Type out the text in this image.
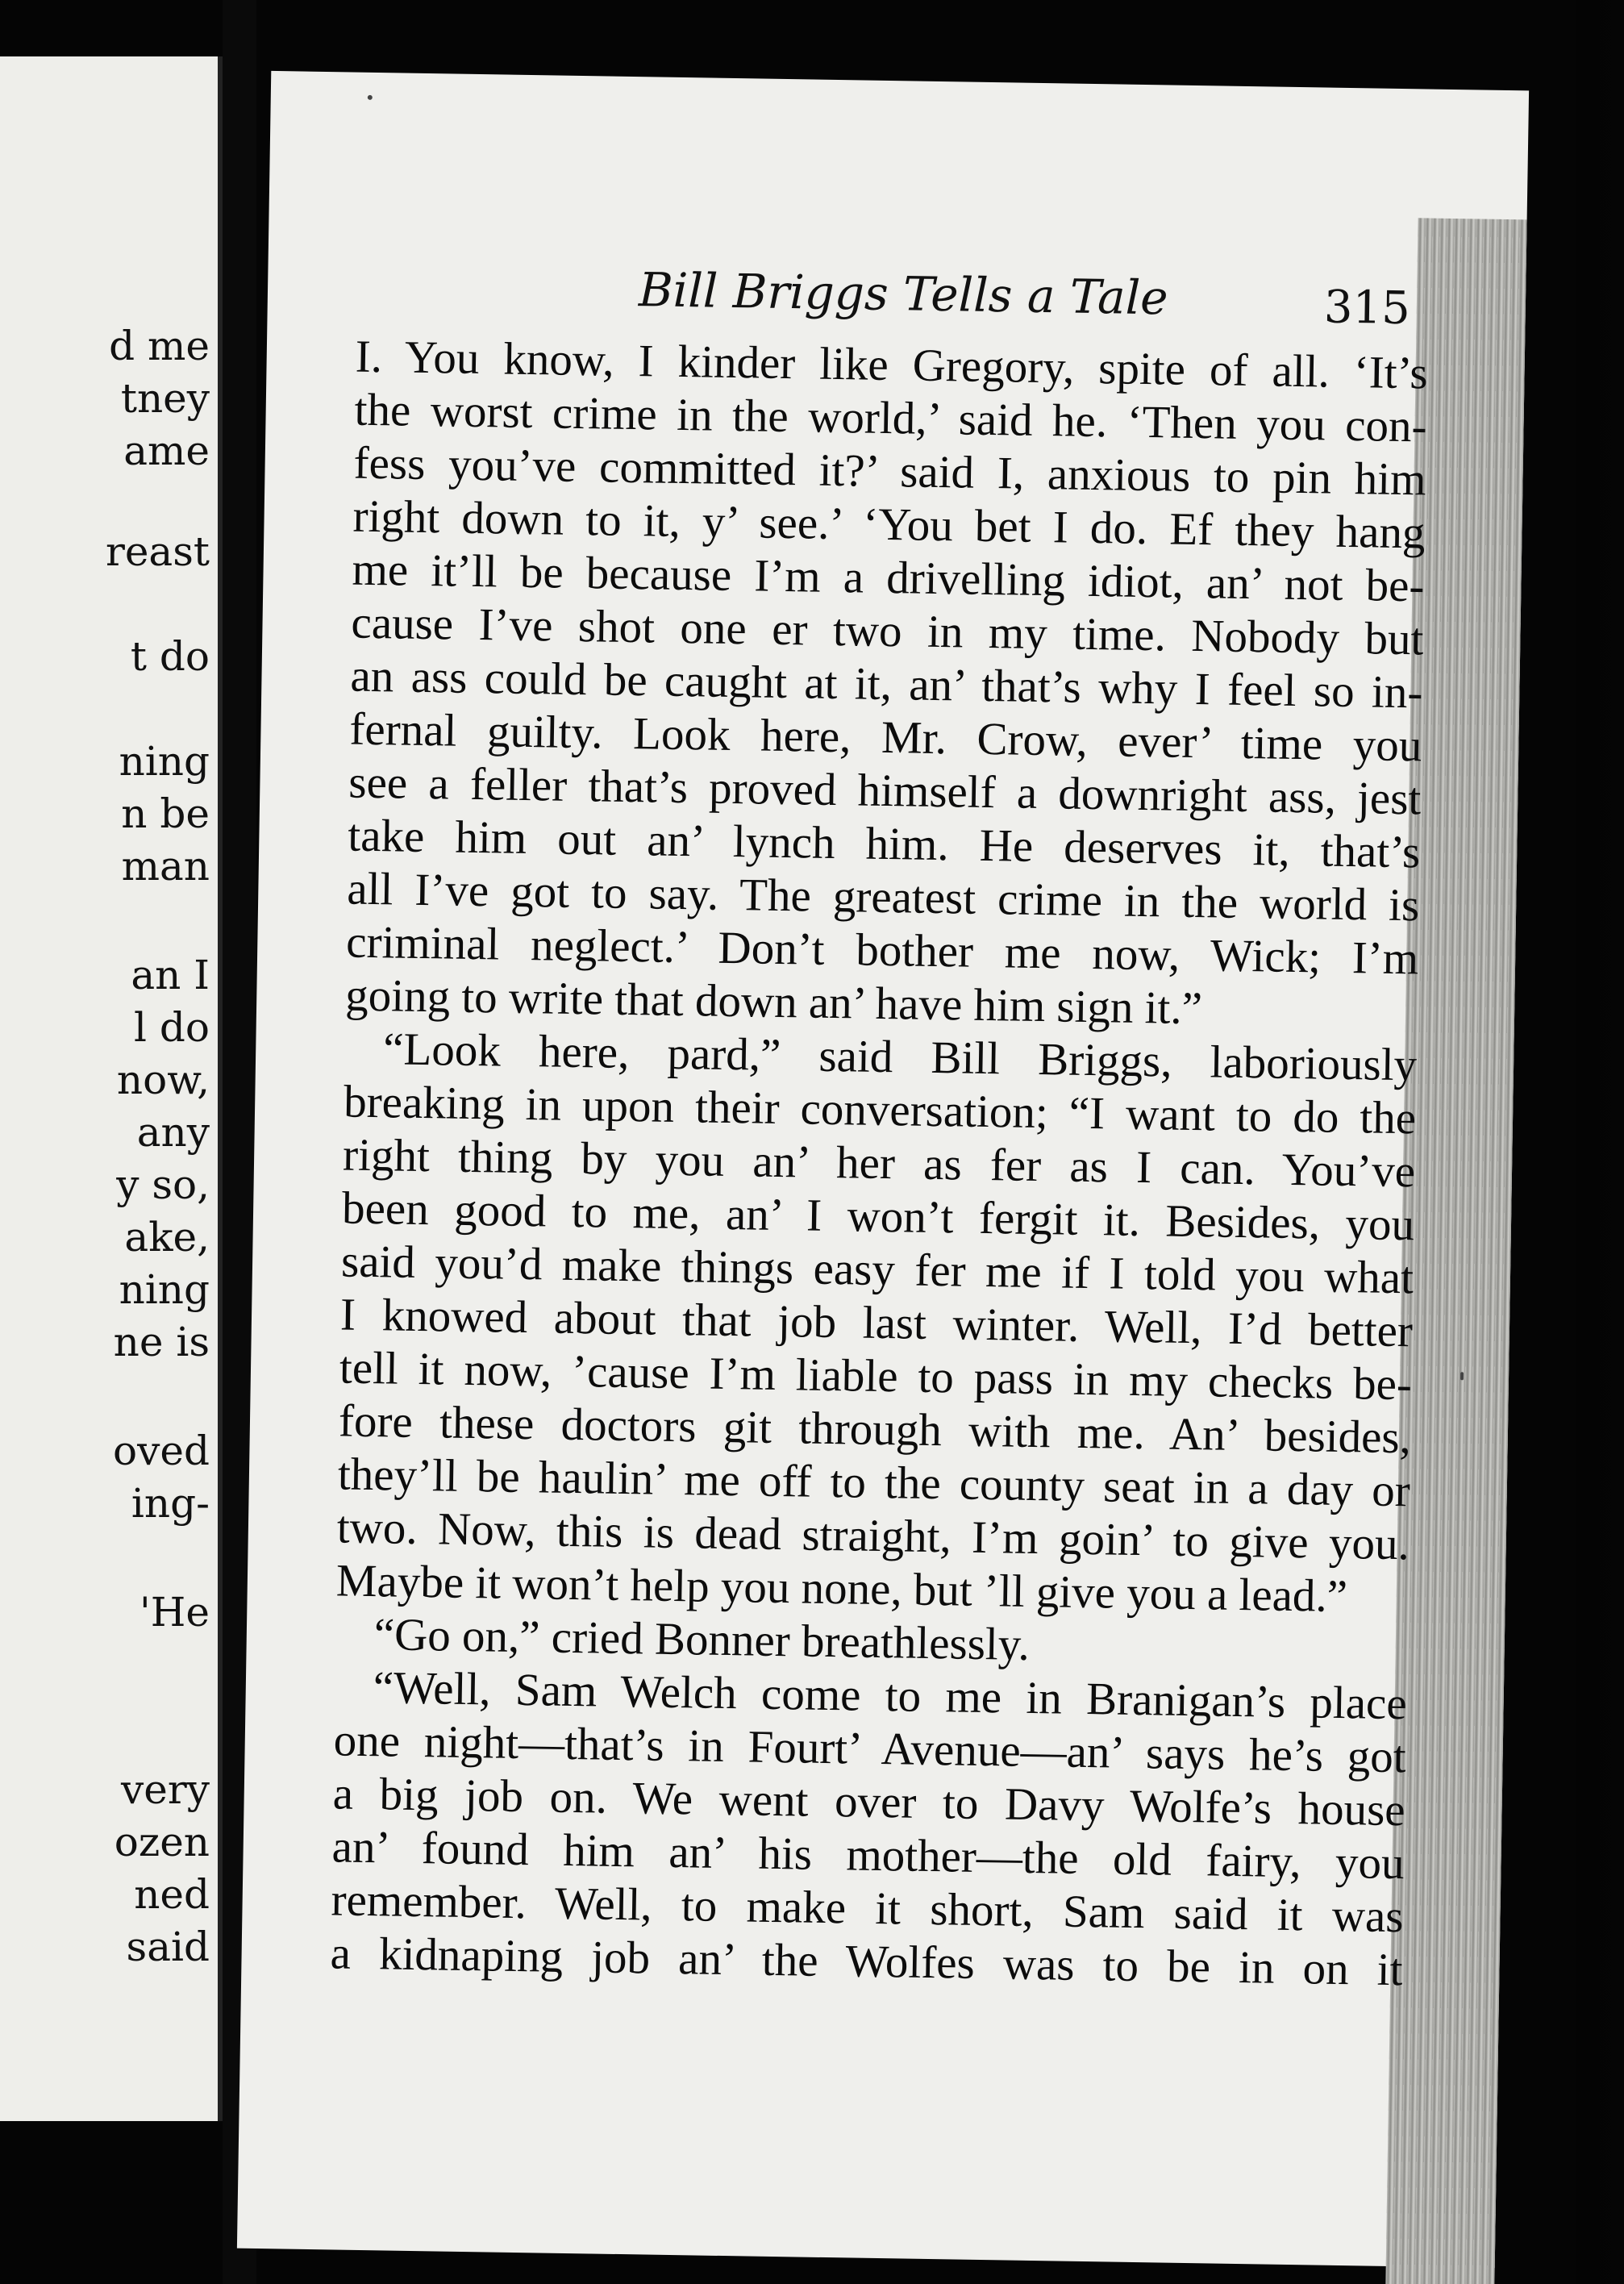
d me
tney
ame
reast
t do
ning
n be
man
an I
l do
now,
any
y so,
ake,
ning
ne is
oved
ing-
'He
very
ozen
ned
said
Bill Briggs Tells a Tale	315
I. You know, I kinder like Gregory, spite of all. ‘It’s
the worst crime in the world,’ said he. ‘Then you con-
fess you’ve committed it?’ said I, anxious to pin him
right down to it, y’ see.’ ‘You bet I do. Ef they hang
me it’ll be because I’m a drivelling idiot, an’ not be-
cause I’ve shot one er two in my time. Nobody but
an ass could be caught at it, an’ that’s why I feel so in-
fernal guilty. Look here, Mr. Crow, ever’ time you
see a feller that’s proved himself a downright ass, jest
take him out an’ lynch him. He deserves it, that’s
all I’ve got to say. The greatest crime in the world is
criminal neglect.’ Don’t bother me now, Wick; I’m
going to write that down an’ have him sign it.”
“Look here, pard,” said Bill Briggs, laboriously
breaking in upon their conversation; “I want to do the
right thing by you an’ her as fer as I can. You’ve
been good to me, an’ I won’t fergit it. Besides, you
said you’d make things easy fer me if I told you what
I knowed about that job last winter. Well, I’d better
tell it now, ’cause I’m liable to pass in my checks be-
fore these doctors git through with me. An’ besides,
they’ll be haulin’ me off to the county seat in a day or
two. Now, this is dead straight, I’m goin’ to give you.
Maybe it won’t help you none, but ’ll give you a lead.”
“Go on,” cried Bonner breathlessly.
“Well, Sam Welch come to me in Branigan’s place
one night—that’s in Fourt’ Avenue—an’ says he’s got
a big job on. We went over to Davy Wolfe’s house
an’ found him an’ his mother—the old fairy, you
remember. Well, to make it short, Sam said it was
a kidnaping job an’ the Wolfes was to be in on it
